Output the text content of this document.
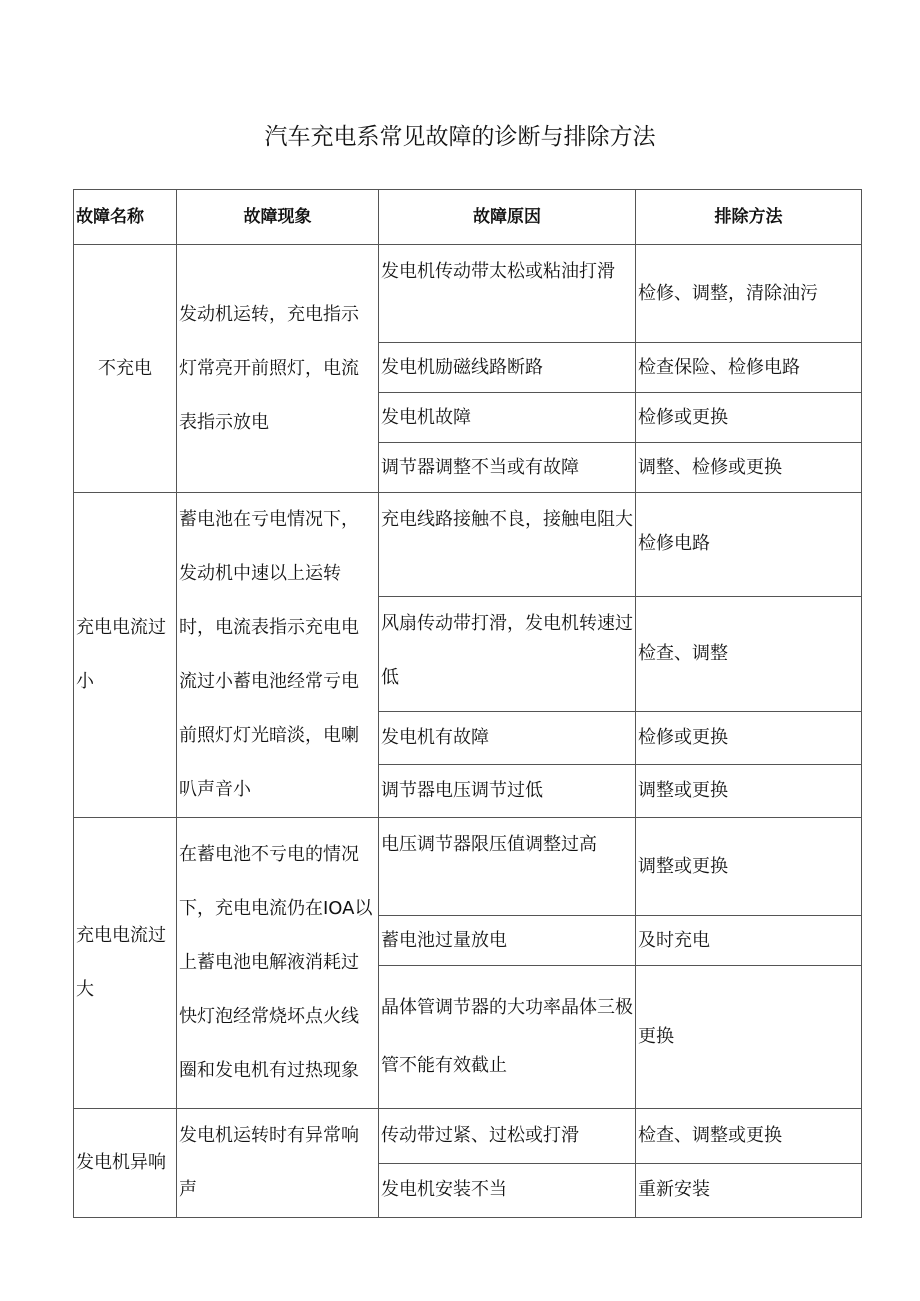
汽车充电系常见故障的诊断与排除方法
故障名称	故障现象	故障原因	排除方法
不充电	发动机运转，充电指示灯常亮开前照灯，电流表指示放电	发电机传动带太松或粘油打滑	检修、调整，清除油污
		发电机励磁线路断路	检查保险、检修电路
		发电机故障	检修或更换
		调节器调整不当或有故障	调整、检修或更换
充电电流过小	蓄电池在亏电情况下，发动机中速以上运转时，电流表指示充电电流过小蓄电池经常亏电前照灯灯光暗淡，电喇叭声音小	充电线路接触不良，接触电阻大	检修电路
		风扇传动带打滑，发电机转速过低	检查、调整
		发电机有故障	检修或更换
		调节器电压调节过低	调整或更换
充电电流过大	在蓄电池不亏电的情况下，充电电流仍在IOA以上蓄电池电解液消耗过快灯泡经常烧坏点火线圈和发电机有过热现象	电压调节器限压值调整过高	调整或更换
		蓄电池过量放电	及时充电
		晶体管调节器的大功率晶体三极管不能有效截止	更换
发电机异响	发电机运转时有异常响声	传动带过紧、过松或打滑	检查、调整或更换
		发电机安装不当	重新安装
